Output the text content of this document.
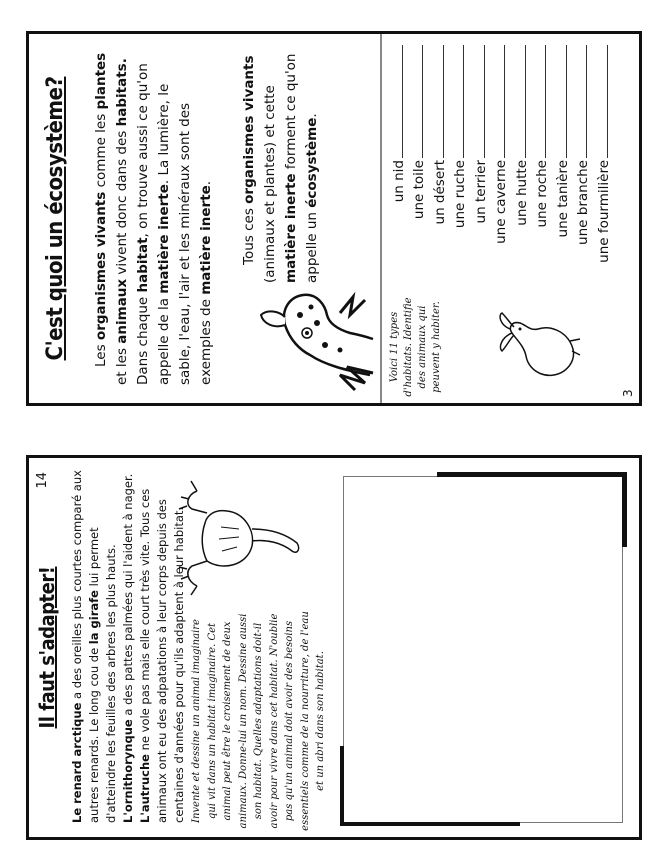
C'est quoi un écosystème? Les organismes vivants comme les plantes et les animaux vivent donc dans des habitats. Dans chaque habitat, on trouve aussi ce qu'on appelle de la matière inerte. La lumière, le sable, l'eau, l'air et les minéraux sont des exemples de matière inerte.
Tous ces organismes vivants (animaux et plantes) et cette matière inerte forment ce qu'on appelle un écosystème.
Voici 11 types d'habitats. Identifie des animaux qui peuvent y habiter.
3
un nid une toile un désert une ruche un terrier une caverne une hutte une roche une tanière une branche une fourmilière
Il faut s'adapter!
14
Le renard arctique a des oreilles plus courtes comparé aux autres renards. Le long cou de la girafe lui permet d'atteindre les feuilles des arbres les plus hauts. L'ornithorynque a des pattes palmées qui l'aident à nager. L'autruche ne vole pas mais elle court très vite. Tous ces animaux ont eu des adpatations à leur corps depuis des centaines d'années pour qu'ils adaptent à leur habitat. Invente et dessine un animal imaginaire qui vit dans un habitat imaginaire. Cet animal peut être le croisement de deux animaux. Donne-lui un nom. Dessine aussi son habitat. Quelles adaptations doit-il avoir pour vivre dans cet habitat. N'oublie pas qu'un animal doit avoir des besoins essentiels comme de la nourriture, de l'eau et un abri dans son habitat.
